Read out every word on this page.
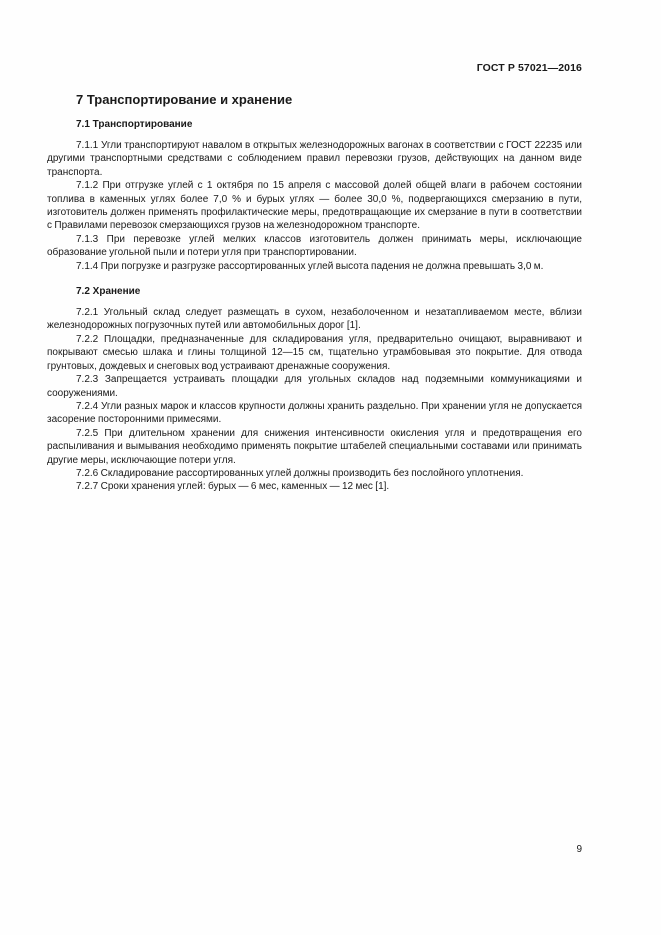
ГОСТ Р 57021—2016
7 Транспортирование и хранение
7.1 Транспортирование

7.1.1 Угли транспортируют навалом в открытых железнодорожных вагонах в соответствии с ГОСТ 22235 или другими транспортными средствами с соблюдением правил перевозки грузов, действующих на данном виде транспорта.

7.1.2 При отгрузке углей с 1 октября по 15 апреля с массовой долей общей влаги в рабочем состоянии топлива в каменных углях более 7,0 % и бурых углях — более 30,0 %, подвергающихся смерзанию в пути, изготовитель должен применять профилактические меры, предотвращающие их смерзание в пути в соответствии с Правилами перевозок смерзающихся грузов на железнодорожном транспорте.

7.1.3 При перевозке углей мелких классов изготовитель должен принимать меры, исключающие образование угольной пыли и потери угля при транспортировании.

7.1.4 При погрузке и разгрузке рассортированных углей высота падения не должна превышать 3,0 м.

7.2 Хранение

7.2.1 Угольный склад следует размещать в сухом, незаболоченном и незатапливаемом месте, вблизи железнодорожных погрузочных путей или автомобильных дорог [1].

7.2.2 Площадки, предназначенные для складирования угля, предварительно очищают, выравнивают и покрывают смесью шлака и глины толщиной 12—15 см, тщательно утрамбовывая это покрытие. Для отвода грунтовых, дождевых и снеговых вод устраивают дренажные сооружения.

7.2.3 Запрещается устраивать площадки для угольных складов над подземными коммуникациями и сооружениями.

7.2.4 Угли разных марок и классов крупности должны хранить раздельно. При хранении угля не допускается засорение посторонними примесями.

7.2.5 При длительном хранении для снижения интенсивности окисления угля и предотвращения его распыливания и вымывания необходимо применять покрытие штабелей специальными составами или принимать другие меры, исключающие потери угля.

7.2.6 Складирование рассортированных углей должны производить без послойного уплотнения.

7.2.7 Сроки хранения углей: бурых — 6 мес, каменных — 12 мес [1].

9
